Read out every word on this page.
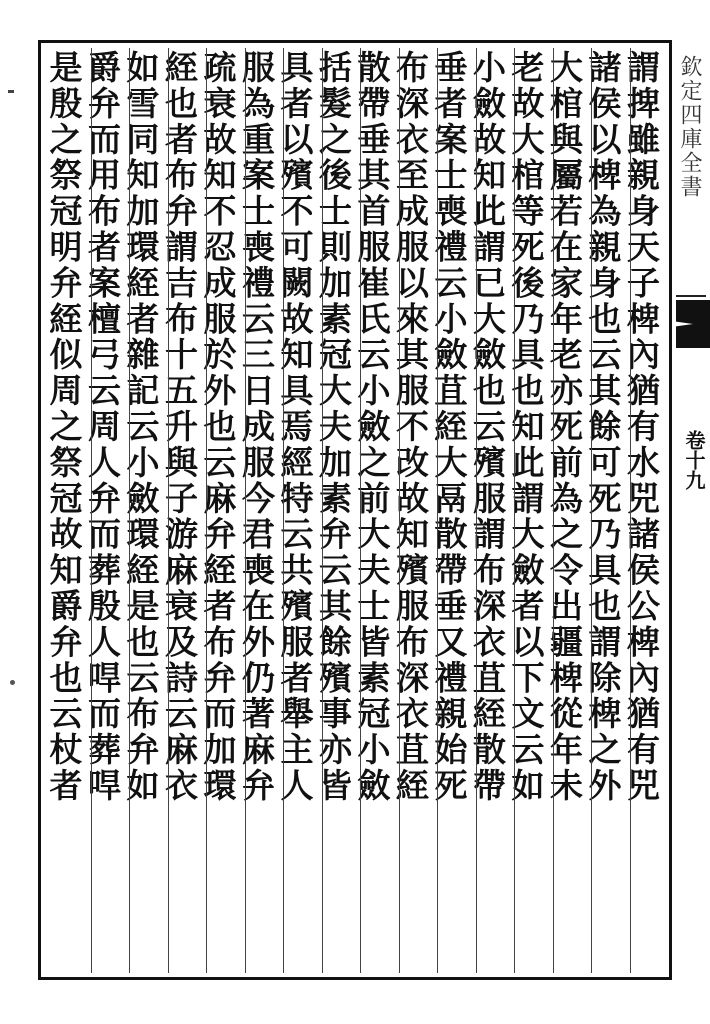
欽定四庫全書
卷十九
謂捭雖親身天子椑內猶有水兕諸侯公椑內猶有兕
諸侯以椑為親身也云其餘可死乃具也謂除椑之外
大棺與屬若在家年老亦死前為之令出疆椑從年未
老故大棺等死後乃具也知此謂大斂者以下文云如
小斂故知此謂已大斂也云殯服謂布深衣苴絰散帶
垂者案士喪禮云小斂苴絰大鬲散帶垂又禮親始死
布深衣至成服以來其服不改故知殯服布深衣苴絰
散帶垂其首服崔氏云小斂之前大夫士皆素冠小斂
括髮之後士則加素冠大夫加素弁云其餘殯事亦皆
具者以殯不可闕故知具焉經特云共殯服者舉主人
服為重案士喪禮云三日成服今君喪在外仍著麻弁
疏衰故知不忍成服於外也云麻弁絰者布弁而加環
絰也者布弁謂吉布十五升與子游麻衰及詩云麻衣
如雪同知加環絰者雜記云小斂環絰是也云布弁如
爵弁而用布者案檀弓云周人弁而葬殷人哻而葬哻
是殷之祭冠明弁絰似周之祭冠故知爵弁也云杖者
